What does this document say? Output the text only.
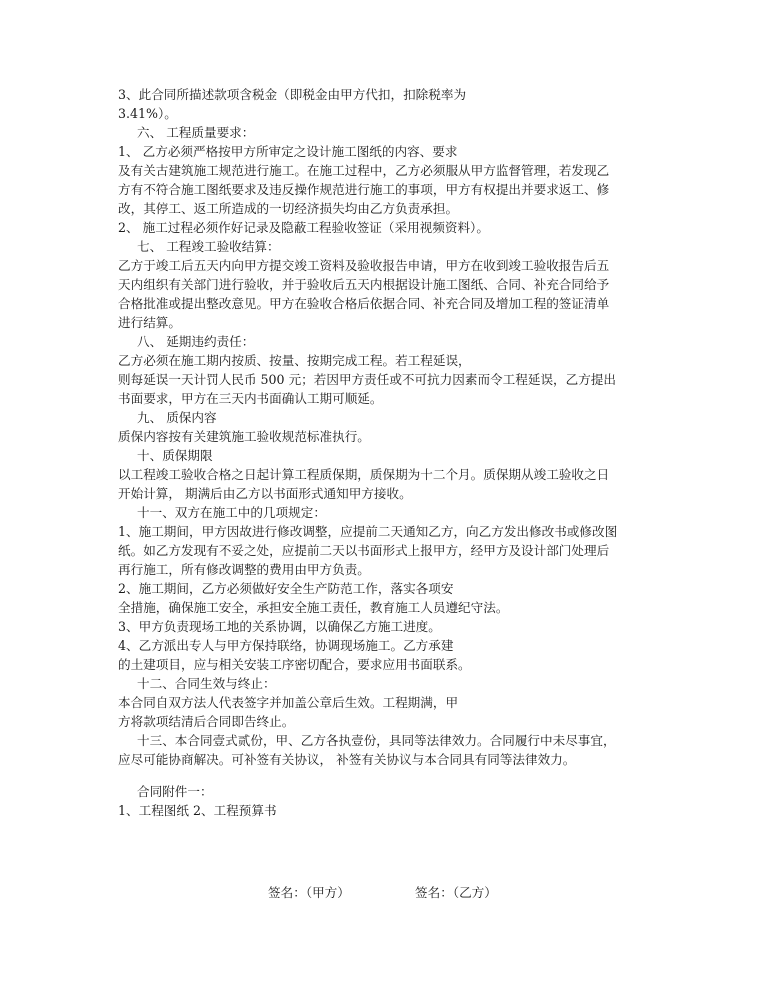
3、此合同所描述款项含税金（即税金由甲方代扣，扣除税率为
3.41%）。
六、 工程质量要求：
1、 乙方必须严格按甲方所审定之设计施工图纸的内容、要求
及有关古建筑施工规范进行施工。在施工过程中，乙方必须服从甲方监督管理，若发现乙
方有不符合施工图纸要求及违反操作规范进行施工的事项，甲方有权提出并要求返工、修
改，其停工、返工所造成的一切经济损失均由乙方负责承担。
2、 施工过程必须作好记录及隐蔽工程验收签证（采用视频资料）。
七、 工程竣工验收结算：
乙方于竣工后五天内向甲方提交竣工资料及验收报告申请，甲方在收到竣工验收报告后五
天内组织有关部门进行验收，并于验收后五天内根据设计施工图纸、合同、补充合同给予
合格批准或提出整改意见。甲方在验收合格后依据合同、补充合同及增加工程的签证清单
进行结算。
八、 延期违约责任：
乙方必须在施工期内按质、按量、按期完成工程。若工程延误，
则每延误一天计罚人民币 500 元；若因甲方责任或不可抗力因素而令工程延误，乙方提出
书面要求，甲方在三天内书面确认工期可顺延。
九、 质保内容
质保内容按有关建筑施工验收规范标准执行。
十、质保期限
以工程竣工验收合格之日起计算工程质保期，质保期为十二个月。质保期从竣工验收之日
开始计算， 期满后由乙方以书面形式通知甲方接收。
十一、双方在施工中的几项规定：
1、施工期间，甲方因故进行修改调整，应提前二天通知乙方，向乙方发出修改书或修改图
纸。如乙方发现有不妥之处，应提前二天以书面形式上报甲方，经甲方及设计部门处理后
再行施工，所有修改调整的费用由甲方负责。
2、施工期间，乙方必须做好安全生产防范工作，落实各项安
全措施，确保施工安全，承担安全施工责任，教育施工人员遵纪守法。
3、甲方负责现场工地的关系协调，以确保乙方施工进度。
4、乙方派出专人与甲方保持联络，协调现场施工。乙方承建
的土建项目，应与相关安装工序密切配合，要求应用书面联系。
十二、合同生效与终止：
本合同自双方法人代表签字并加盖公章后生效。工程期满，甲
方将款项结清后合同即告终止。
十三、本合同壹式贰份，甲、乙方各执壹份，具同等法律效力。合同履行中未尽事宜，
应尽可能协商解决。可补签有关协议， 补签有关协议与本合同具有同等法律效力。
合同附件一：
1、工程图纸 2、工程预算书
签名：（甲方）	签名：（乙方）
